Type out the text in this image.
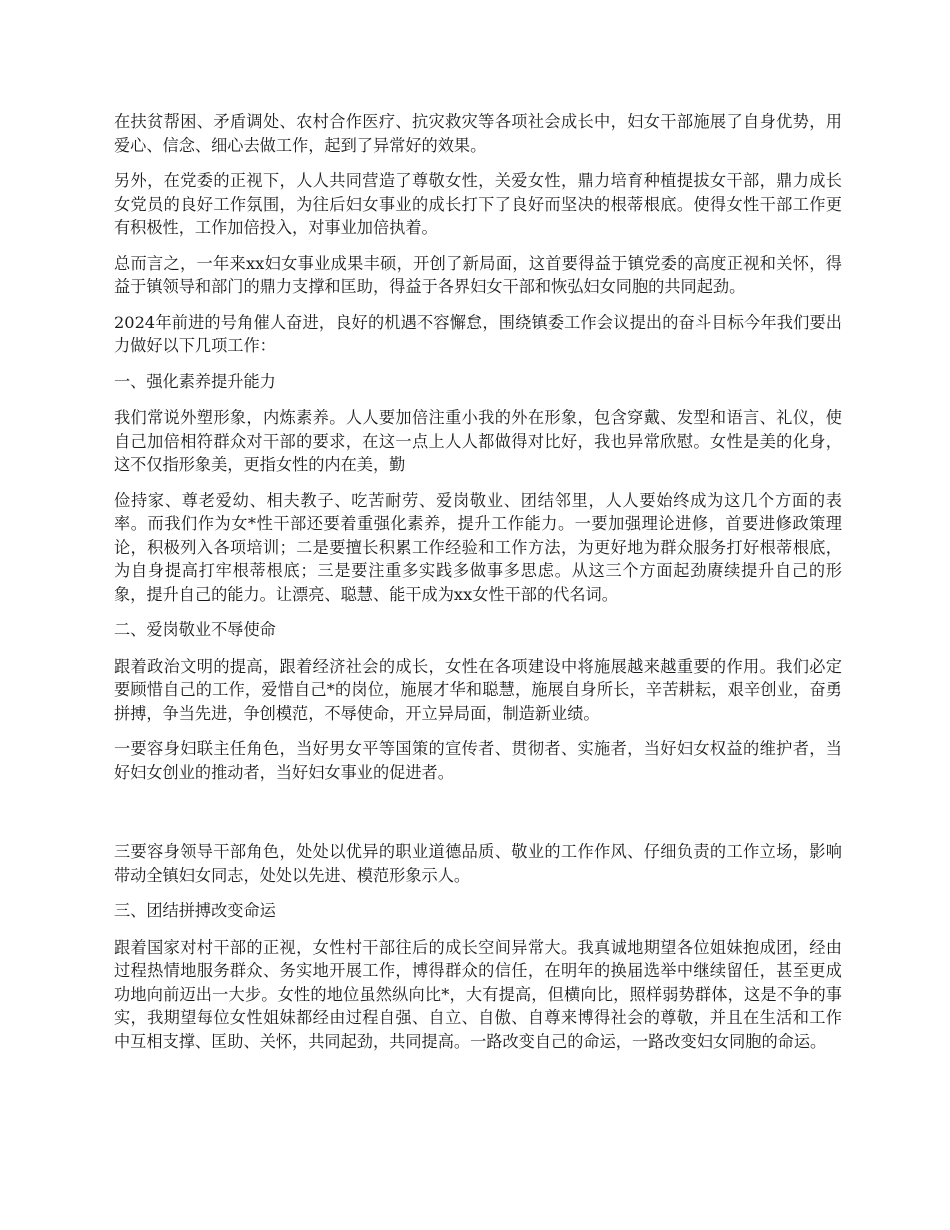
在扶贫帮困、矛盾调处、农村合作医疗、抗灾救灾等各项社会成长中，妇女干部施展了自身优势，用爱心、信念、细心去做工作，起到了异常好的效果。

另外，在党委的正视下，人人共同营造了尊敬女性，关爱女性，鼎力培育种植提拔女干部，鼎力成长女党员的良好工作氛围，为往后妇女事业的成长打下了良好而坚决的根蒂根底。使得女性干部工作更有积极性，工作加倍投入，对事业加倍执着。

总而言之，一年来xx妇女事业成果丰硕，开创了新局面，这首要得益于镇党委的高度正视和关怀，得益于镇领导和部门的鼎力支撑和匡助，得益于各界妇女干部和恢弘妇女同胞的共同起劲。

2024年前进的号角催人奋进，良好的机遇不容懈怠，围绕镇委工作会议提出的奋斗目标今年我们要出力做好以下几项工作：

一、强化素养提升能力

我们常说外塑形象，内炼素养。人人要加倍注重小我的外在形象，包含穿戴、发型和语言、礼仪，使自己加倍相符群众对干部的要求，在这一点上人人都做得对比好，我也异常欣慰。女性是美的化身，这不仅指形象美，更指女性的内在美，勤

俭持家、尊老爱幼、相夫教子、吃苦耐劳、爱岗敬业、团结邻里，人人要始终成为这几个方面的表率。而我们作为女*性干部还要着重强化素养，提升工作能力。一要加强理论进修，首要进修政策理论，积极列入各项培训；二是要擅长积累工作经验和工作方法，为更好地为群众服务打好根蒂根底，为自身提高打牢根蒂根底；三是要注重多实践多做事多思虑。从这三个方面起劲赓续提升自己的形象，提升自己的能力。让漂亮、聪慧、能干成为xx女性干部的代名词。

二、爱岗敬业不辱使命

跟着政治文明的提高，跟着经济社会的成长，女性在各项建设中将施展越来越重要的作用。我们必定要顾惜自己的工作，爱惜自己*的岗位，施展才华和聪慧，施展自身所长，辛苦耕耘，艰辛创业，奋勇拼搏，争当先进，争创模范，不辱使命，开立异局面，制造新业绩。

一要容身妇联主任角色，当好男女平等国策的宣传者、贯彻者、实施者，当好妇女权益的维护者，当好妇女创业的推动者，当好妇女事业的促进者。

三要容身领导干部角色，处处以优异的职业道德品质、敬业的工作作风、仔细负责的工作立场，影响带动全镇妇女同志，处处以先进、模范形象示人。

三、团结拼搏改变命运

跟着国家对村干部的正视，女性村干部往后的成长空间异常大。我真诚地期望各位姐妹抱成团，经由过程热情地服务群众、务实地开展工作，博得群众的信任，在明年的换届选举中继续留任，甚至更成功地向前迈出一大步。女性的地位虽然纵向比*，大有提高，但横向比，照样弱势群体，这是不争的事实，我期望每位女性姐妹都经由过程自强、自立、自傲、自尊来博得社会的尊敬，并且在生活和工作中互相支撑、匡助、关怀，共同起劲，共同提高。一路改变自己的命运，一路改变妇女同胞的命运。
